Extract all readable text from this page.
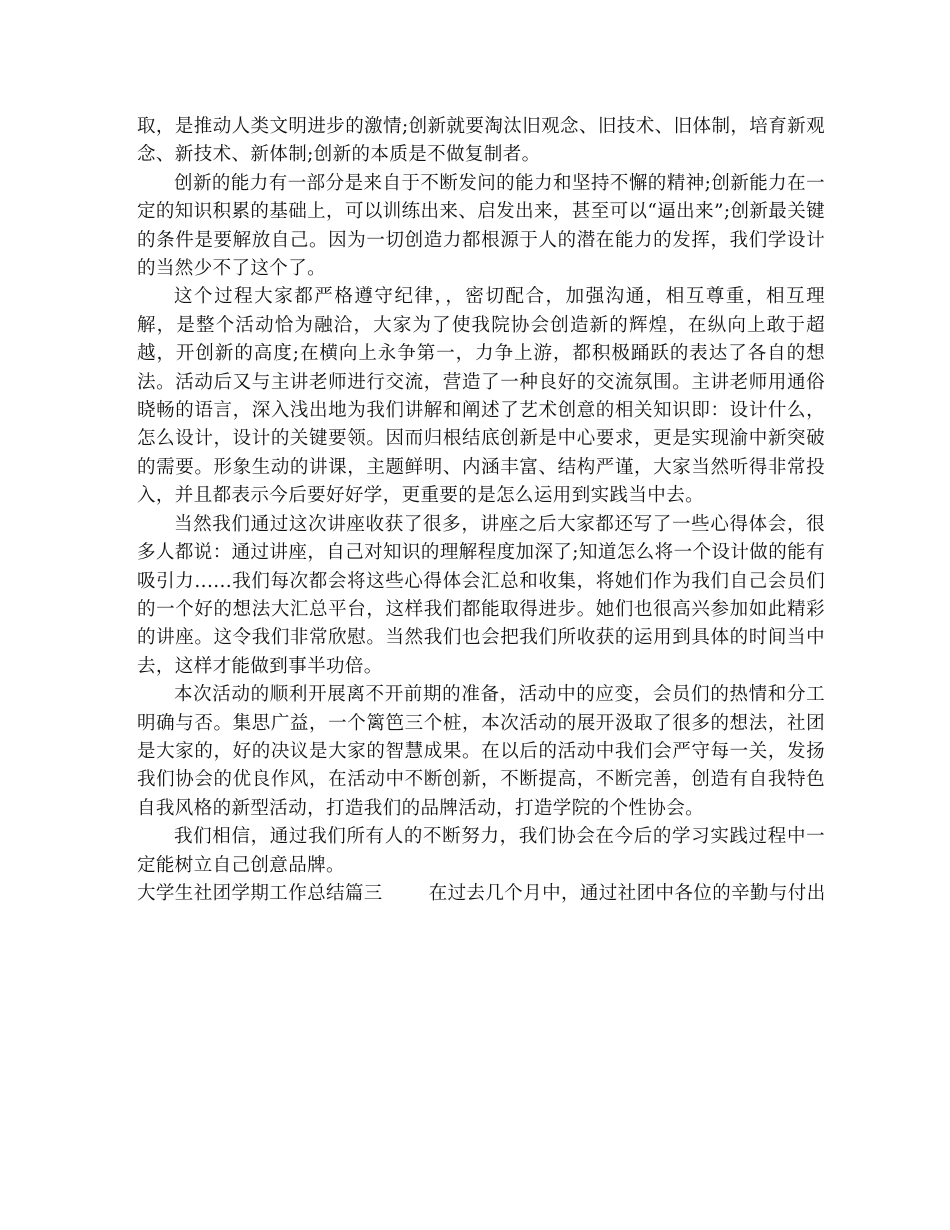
取，是推动人类文明进步的激情;创新就要淘汰旧观念、旧技术、旧体制，培育新观念、新技术、新体制;创新的本质是不做复制者。

创新的能力有一部分是来自于不断发问的能力和坚持不懈的精神;创新能力在一定的知识积累的基础上，可以训练出来、启发出来，甚至可以“逼出来”;创新最关键的条件是要解放自己。因为一切创造力都根源于人的潜在能力的发挥，我们学设计的当然少不了这个了。

这个过程大家都严格遵守纪律，，密切配合，加强沟通，相互尊重，相互理解，是整个活动恰为融洽，大家为了使我院协会创造新的辉煌，在纵向上敢于超越，开创新的高度;在横向上永争第一，力争上游，都积极踊跃的表达了各自的想法。活动后又与主讲老师进行交流，营造了一种良好的交流氛围。主讲老师用通俗晓畅的语言，深入浅出地为我们讲解和阐述了艺术创意的相关知识即：设计什么，怎么设计，设计的关键要领。因而归根结底创新是中心要求，更是实现渝中新突破的需要。形象生动的讲课，主题鲜明、内涵丰富、结构严谨，大家当然听得非常投入，并且都表示今后要好好学，更重要的是怎么运用到实践当中去。

当然我们通过这次讲座收获了很多，讲座之后大家都还写了一些心得体会，很多人都说：通过讲座，自己对知识的理解程度加深了;知道怎么将一个设计做的能有吸引力......我们每次都会将这些心得体会汇总和收集，将她们作为我们自己会员们的一个好的想法大汇总平台，这样我们都能取得进步。她们也很高兴参加如此精彩的讲座。这令我们非常欣慰。当然我们也会把我们所收获的运用到具体的时间当中去，这样才能做到事半功倍。

本次活动的顺利开展离不开前期的准备，活动中的应变，会员们的热情和分工明确与否。集思广益，一个篱笆三个桩，本次活动的展开汲取了很多的想法，社团是大家的，好的决议是大家的智慧成果。在以后的活动中我们会严守每一关，发扬我们协会的优良作风，在活动中不断创新，不断提高，不断完善，创造有自我特色自我风格的新型活动，打造我们的品牌活动，打造学院的个性协会。

我们相信，通过我们所有人的不断努力，我们协会在今后的学习实践过程中一定能树立自己创意品牌。

大学生社团学期工作总结篇三 在过去几个月中，通过社团中各位的辛勤与付出
